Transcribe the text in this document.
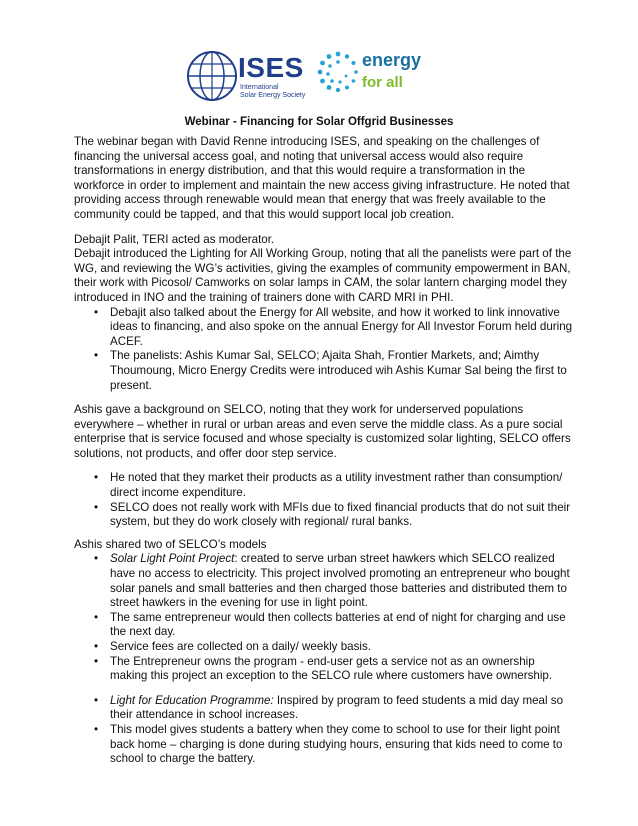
ISES
International
Solar Energy Society
energy
for all
Webinar - Financing for Solar Offgrid Businesses

The webinar began with David Renne introducing ISES, and speaking on the challenges of financing the universal access goal, and noting that universal access would also require transformations in energy distribution, and that this would require a transformation in the workforce in order to implement and maintain the new access giving infrastructure. He noted that providing access through renewable would mean that energy that was freely available to the community could be tapped, and that this would support local job creation.

Debajit Palit, TERI acted as moderator.

Debajit introduced the Lighting for All Working Group, noting that all the panelists were part of the WG, and reviewing the WG’s activities, giving the examples of community empowerment in BAN, their work with Picosol/ Camworks on solar lamps in CAM, the solar lantern charging model they introduced in INO and the training of trainers done with CARD MRI in PHI.

• Debajit also talked about the Energy for All website, and how it worked to link innovative ideas to financing, and also spoke on the annual Energy for All Investor Forum held during ACEF.
• The panelists: Ashis Kumar Sal, SELCO; Ajaita Shah, Frontier Markets, and; Aimthy Thoumoung, Micro Energy Credits were introduced wih Ashis Kumar Sal being the first to present.

Ashis gave a background on SELCO, noting that they work for underserved populations everywhere – whether in rural or urban areas and even serve the middle class. As a pure social enterprise that is service focused and whose specialty is customized solar lighting, SELCO offers solutions, not products, and offer door step service.

• He noted that they market their products as a utility investment rather than consumption/ direct income expenditure.
• SELCO does not really work with MFIs due to fixed financial products that do not suit their system, but they do work closely with regional/ rural banks.

Ashis shared two of SELCO’s models

• Solar Light Point Project: created to serve urban street hawkers which SELCO realized have no access to electricity. This project involved promoting an entrepreneur who bought solar panels and small batteries and then charged those batteries and distributed them to street hawkers in the evening for use in light point.
• The same entrepreneur would then collects batteries at end of night for charging and use the next day.
• Service fees are collected on a daily/ weekly basis.
• The Entrepreneur owns the program - end-user gets a service not as an ownership making this project an exception to the SELCO rule where customers have ownership.
• Light for Education Programme: Inspired by program to feed students a mid day meal so their attendance in school increases.
• This model gives students a battery when they come to school to use for their light point back home – charging is done during studying hours, ensuring that kids need to come to school to charge the battery.
